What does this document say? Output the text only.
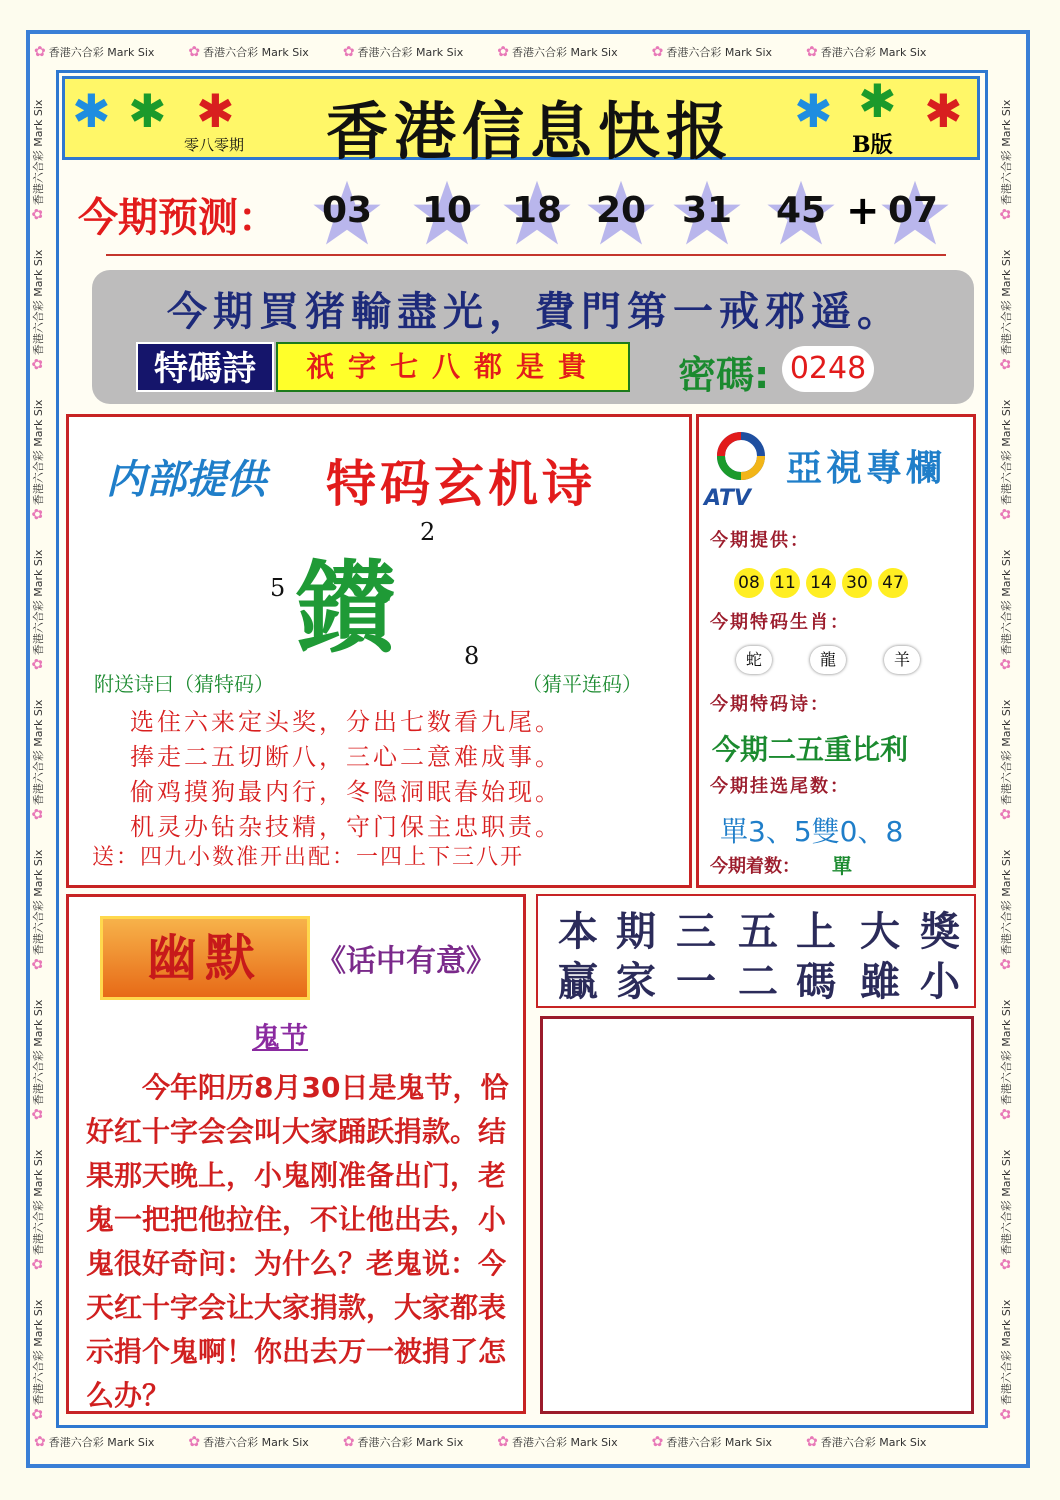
✿ 香港六合彩 Mark Six ✿ 香港六合彩 Mark Six ✿ 香港六合彩 Mark Six ✿ 香港六合彩 Mark Six ✿ 香港六合彩 Mark Six ✿ 香港六合彩 Mark Six
✿ 香港六合彩 Mark Six ✿ 香港六合彩 Mark Six ✿ 香港六合彩 Mark Six ✿ 香港六合彩 Mark Six ✿ 香港六合彩 Mark Six ✿ 香港六合彩 Mark Six
✿
香港六合彩 Mark Six
✿
香港六合彩 Mark Six
✿
香港六合彩 Mark Six
✿
香港六合彩 Mark Six
✿
香港六合彩 Mark Six
✿
香港六合彩 Mark Six
✿
香港六合彩 Mark Six
✿
香港六合彩 Mark Six
✿
香港六合彩 Mark Six
✿
香港六合彩 Mark Six
✿
香港六合彩 Mark Six
✿
香港六合彩 Mark Six
✿
香港六合彩 Mark Six
✿
香港六合彩 Mark Six
✿
香港六合彩 Mark Six
✿
香港六合彩 Mark Six
✿
香港六合彩 Mark Six
✿
香港六合彩 Mark Six
✱ ✱ ✱	✱ ✱ ✱
零八零期	香港信息快报	B版
今期预测： 03 10 18 20 31 45 07
+
今期買猪輸盡光，費門第一戒邪遥。
特碼詩	祇字七八都是貴	密碼: 0248
内部提供 特码玄机诗
鑚
5
2
8
附送诗曰（猜特码）	（猜平连码）
选住六来定头奖，分出七数看九尾。
捧走二五切断八，三心二意难成事。
偷鸡摸狗最内行，冬隐洞眠春始现。
机灵办钻杂技精，守门保主忠职责。
送：四九小数准开出配：一四上下三八开
ATV
亞視專欄
今期提供：
08 11 14 30 47
今期特码生肖：
蛇	龍	羊
今期特码诗：
今期二五重比利
今期挂选尾数：
單3、5雙0、8
今期着数： 單
幽默	《话中有意》
鬼节
今年阳历8月30日是鬼节，恰好红十字会会叫大家踊跃捐款。结果那天晚上，小鬼刚准备出门，老鬼一把把他拉住，不让他出去，小鬼很好奇问：为什么？老鬼说：今天红十字会让大家捐款，大家都表示捐个鬼啊！你出去万一被捐了怎么办？
本 期 三 五 上 大 獎
贏 家 一 二 碼 雖 小
